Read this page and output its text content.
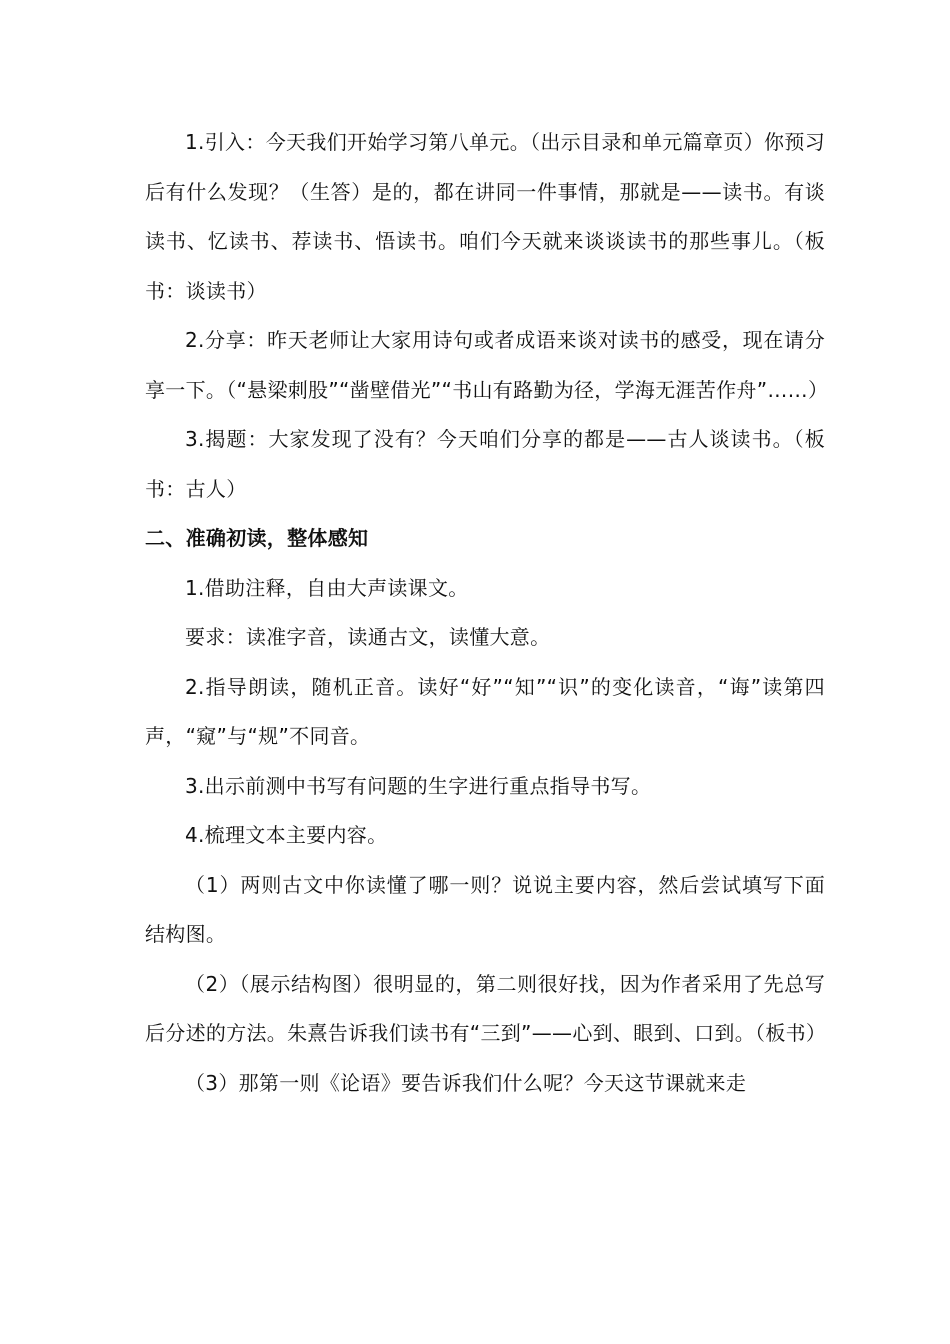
1.引入：今天我们开始学习第八单元。（出示目录和单元篇章页）你预习后有什么发现？（生答）是的，都在讲同一件事情，那就是——读书。有谈读书、忆读书、荐读书、悟读书。咱们今天就来谈谈读书的那些事儿。（板书：谈读书）

2.分享：昨天老师让大家用诗句或者成语来谈对读书的感受，现在请分享一下。（“悬梁刺股”“凿壁借光”“书山有路勤为径，学海无涯苦作舟”……）

3.揭题：大家发现了没有？今天咱们分享的都是——古人谈读书。（板书：古人）

二、准确初读，整体感知

1.借助注释，自由大声读课文。

要求：读准字音，读通古文，读懂大意。

2.指导朗读，随机正音。读好“好”“知”“识”的变化读音，“诲”读第四声，“窥”与“规”不同音。

3.出示前测中书写有问题的生字进行重点指导书写。

4.梳理文本主要内容。

（1）两则古文中你读懂了哪一则？说说主要内容，然后尝试填写下面结构图。

（2）（展示结构图）很明显的，第二则很好找，因为作者采用了先总写后分述的方法。朱熹告诉我们读书有“三到”——心到、眼到、口到。（板书）

（3）那第一则《论语》要告诉我们什么呢？今天这节课就来走
